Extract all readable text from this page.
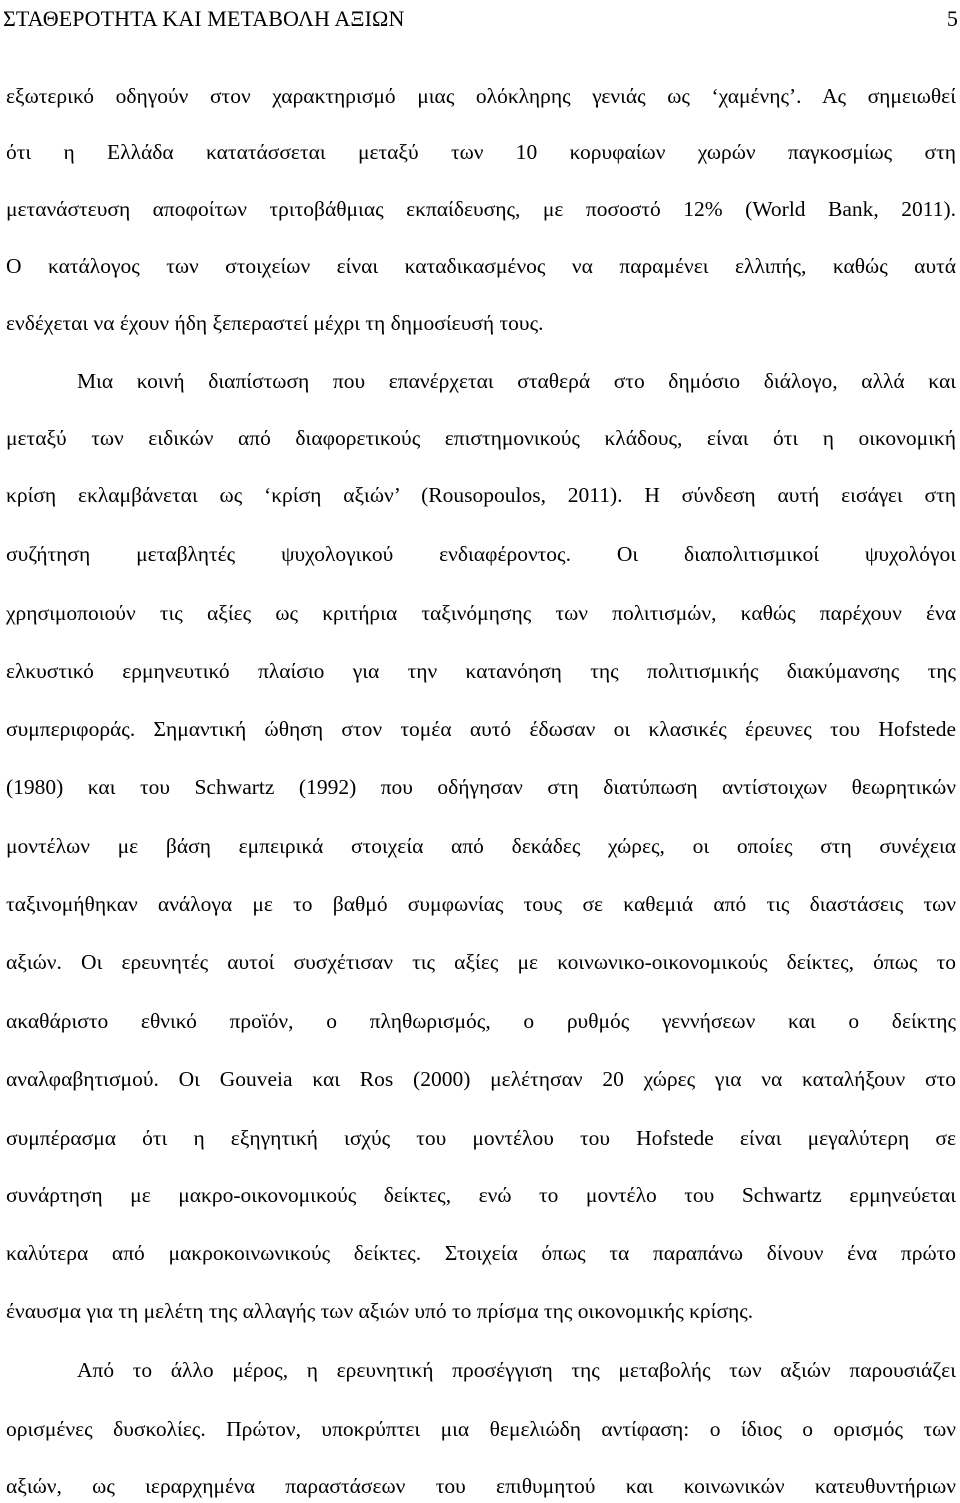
ΣΤΑΘΕΡΟΤΗΤΑ ΚΑΙ ΜΕΤΑΒΟΛΗ ΑΞΙΩΝ	5
εξωτερικό οδηγούν στον χαρακτηρισμό μιας ολόκληρης γενιάς ως ‘χαμένης’. Ας σημειωθεί
ότι η Ελλάδα κατατάσσεται μεταξύ των 10 κορυφαίων χωρών παγκοσμίως στη
μετανάστευση αποφοίτων τριτοβάθμιας εκπαίδευσης, με ποσοστό 12% (World Bank, 2011).
Ο κατάλογος των στοιχείων είναι καταδικασμένος να παραμένει ελλιπής, καθώς αυτά
ενδέχεται να έχουν ήδη ξεπεραστεί μέχρι τη δημοσίευσή τους.
Μια κοινή διαπίστωση που επανέρχεται σταθερά στο δημόσιο διάλογο, αλλά και
μεταξύ των ειδικών από διαφορετικούς επιστημονικούς κλάδους, είναι ότι η οικονομική
κρίση εκλαμβάνεται ως ‘κρίση αξιών’ (Rousopoulos, 2011). Η σύνδεση αυτή εισάγει στη
συζήτηση μεταβλητές ψυχολογικού ενδιαφέροντος. Οι διαπολιτισμικοί ψυχολόγοι
χρησιμοποιούν τις αξίες ως κριτήρια ταξινόμησης των πολιτισμών, καθώς παρέχουν ένα
ελκυστικό ερμηνευτικό πλαίσιο για την κατανόηση της πολιτισμικής διακύμανσης της
συμπεριφοράς. Σημαντική ώθηση στον τομέα αυτό έδωσαν οι κλασικές έρευνες του Hofstede
(1980) και του Schwartz (1992) που οδήγησαν στη διατύπωση αντίστοιχων θεωρητικών
μοντέλων με βάση εμπειρικά στοιχεία από δεκάδες χώρες, οι οποίες στη συνέχεια
ταξινομήθηκαν ανάλογα με το βαθμό συμφωνίας τους σε καθεμιά από τις διαστάσεις των
αξιών. Οι ερευνητές αυτοί συσχέτισαν τις αξίες με κοινωνικο-οικονομικούς δείκτες, όπως το
ακαθάριστο εθνικό προϊόν, ο πληθωρισμός, ο ρυθμός γεννήσεων και ο δείκτης
αναλφαβητισμού. Οι Gouveia και Ros (2000) μελέτησαν 20 χώρες για να καταλήξουν στο
συμπέρασμα ότι η εξηγητική ισχύς του μοντέλου του Hofstede είναι μεγαλύτερη σε
συνάρτηση με μακρο-οικονομικούς δείκτες, ενώ το μοντέλο του Schwartz ερμηνεύεται
καλύτερα από μακροκοινωνικούς δείκτες. Στοιχεία όπως τα παραπάνω δίνουν ένα πρώτο
έναυσμα για τη μελέτη της αλλαγής των αξιών υπό το πρίσμα της οικονομικής κρίσης.
Από το άλλο μέρος, η ερευνητική προσέγγιση της μεταβολής των αξιών παρουσιάζει
ορισμένες δυσκολίες. Πρώτον, υποκρύπτει μια θεμελιώδη αντίφαση: ο ίδιος ο ορισμός των
αξιών, ως ιεραρχημένα παραστάσεων του επιθυμητού και κοινωνικών κατευθυντήριων
